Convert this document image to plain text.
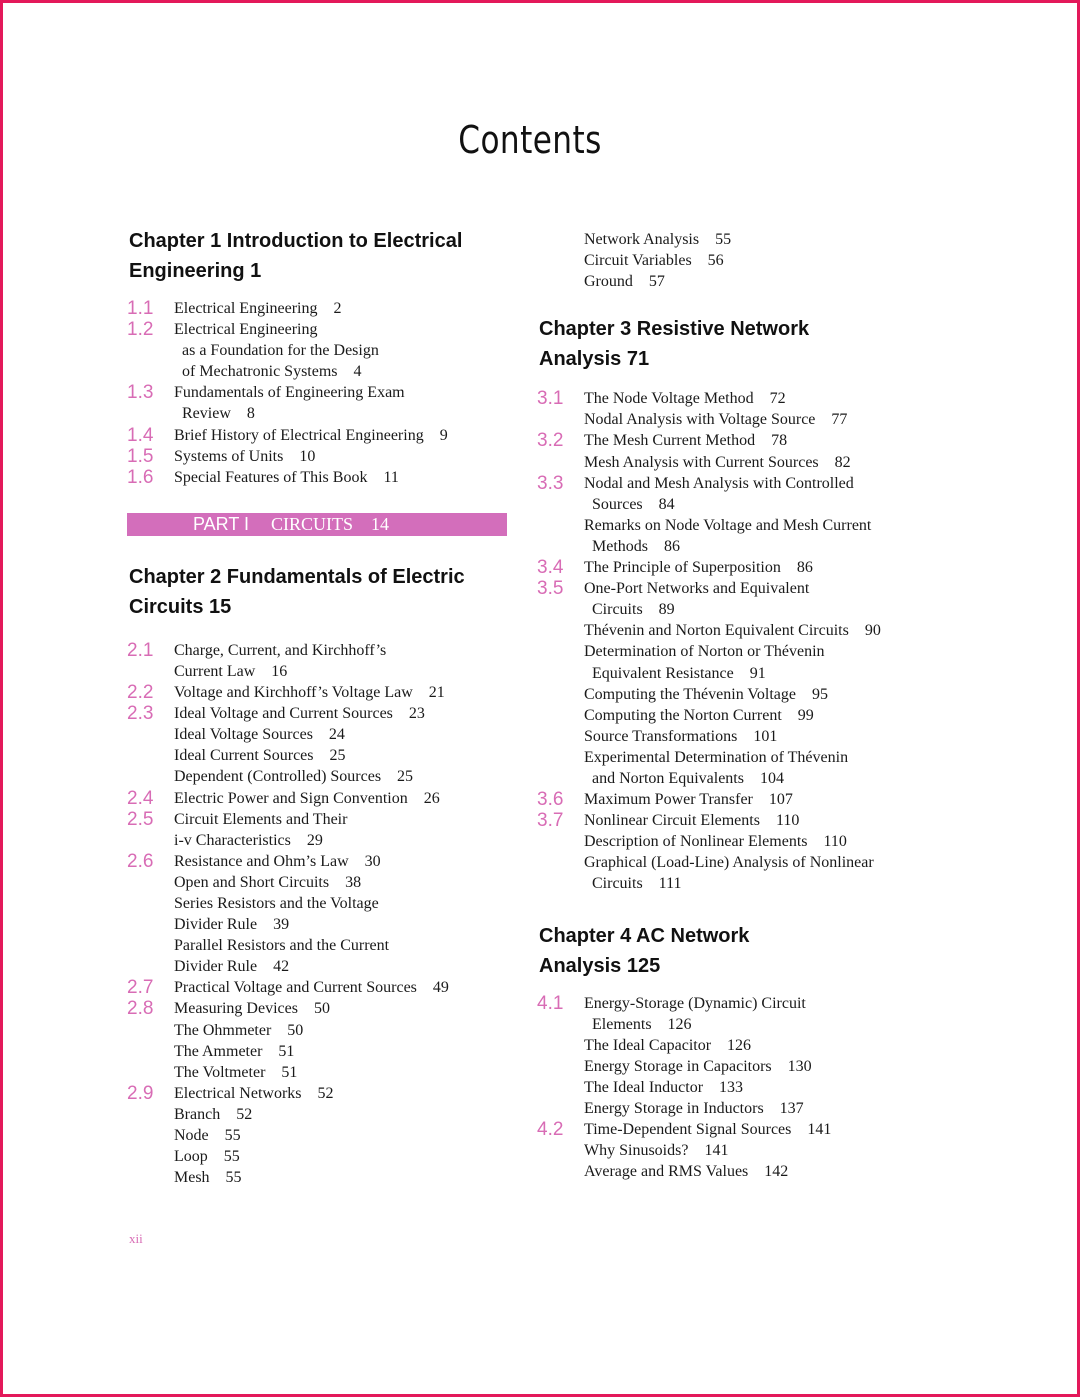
Contents
Chapter 1 Introduction to Electrical
Engineering 1
1.1	Electrical Engineering    2
1.2	Electrical Engineering
as a Foundation for the Design
of Mechatronic Systems    4
1.3	Fundamentals of Engineering Exam
Review    8
1.4	Brief History of Electrical Engineering    9
1.5	Systems of Units    10
1.6	Special Features of This Book    11
PART I CIRCUITS    14
Chapter 2 Fundamentals of Electric
Circuits 15
2.1	Charge, Current, and Kirchhoff’s
Current Law    16
2.2	Voltage and Kirchhoff’s Voltage Law    21
2.3	Ideal Voltage and Current Sources    23
Ideal Voltage Sources    24
Ideal Current Sources    25
Dependent (Controlled) Sources    25
2.4	Electric Power and Sign Convention    26
2.5	Circuit Elements and Their
i-v Characteristics    29
2.6	Resistance and Ohm’s Law    30
Open and Short Circuits    38
Series Resistors and the Voltage
Divider Rule    39
Parallel Resistors and the Current
Divider Rule    42
2.7	Practical Voltage and Current Sources    49
2.8	Measuring Devices    50
The Ohmmeter    50
The Ammeter    51
The Voltmeter    51
2.9	Electrical Networks    52
Branch    52
Node    55
Loop    55
Mesh    55
Network Analysis    55
Circuit Variables    56
Ground    57
Chapter 3 Resistive Network
Analysis 71
3.1	The Node Voltage Method    72
Nodal Analysis with Voltage Source    77
3.2	The Mesh Current Method    78
Mesh Analysis with Current Sources    82
3.3	Nodal and Mesh Analysis with Controlled
Sources    84
Remarks on Node Voltage and Mesh Current
Methods    86
3.4	The Principle of Superposition    86
3.5	One-Port Networks and Equivalent
Circuits    89
Thévenin and Norton Equivalent Circuits    90
Determination of Norton or Thévenin
Equivalent Resistance    91
Computing the Thévenin Voltage    95
Computing the Norton Current    99
Source Transformations    101
Experimental Determination of Thévenin
and Norton Equivalents    104
3.6	Maximum Power Transfer    107
3.7	Nonlinear Circuit Elements    110
Description of Nonlinear Elements    110
Graphical (Load-Line) Analysis of Nonlinear
Circuits    111
Chapter 4 AC Network
Analysis 125
4.1	Energy-Storage (Dynamic) Circuit
Elements    126
The Ideal Capacitor    126
Energy Storage in Capacitors    130
The Ideal Inductor    133
Energy Storage in Inductors    137
4.2	Time-Dependent Signal Sources    141
Why Sinusoids?    141
Average and RMS Values    142
xii
